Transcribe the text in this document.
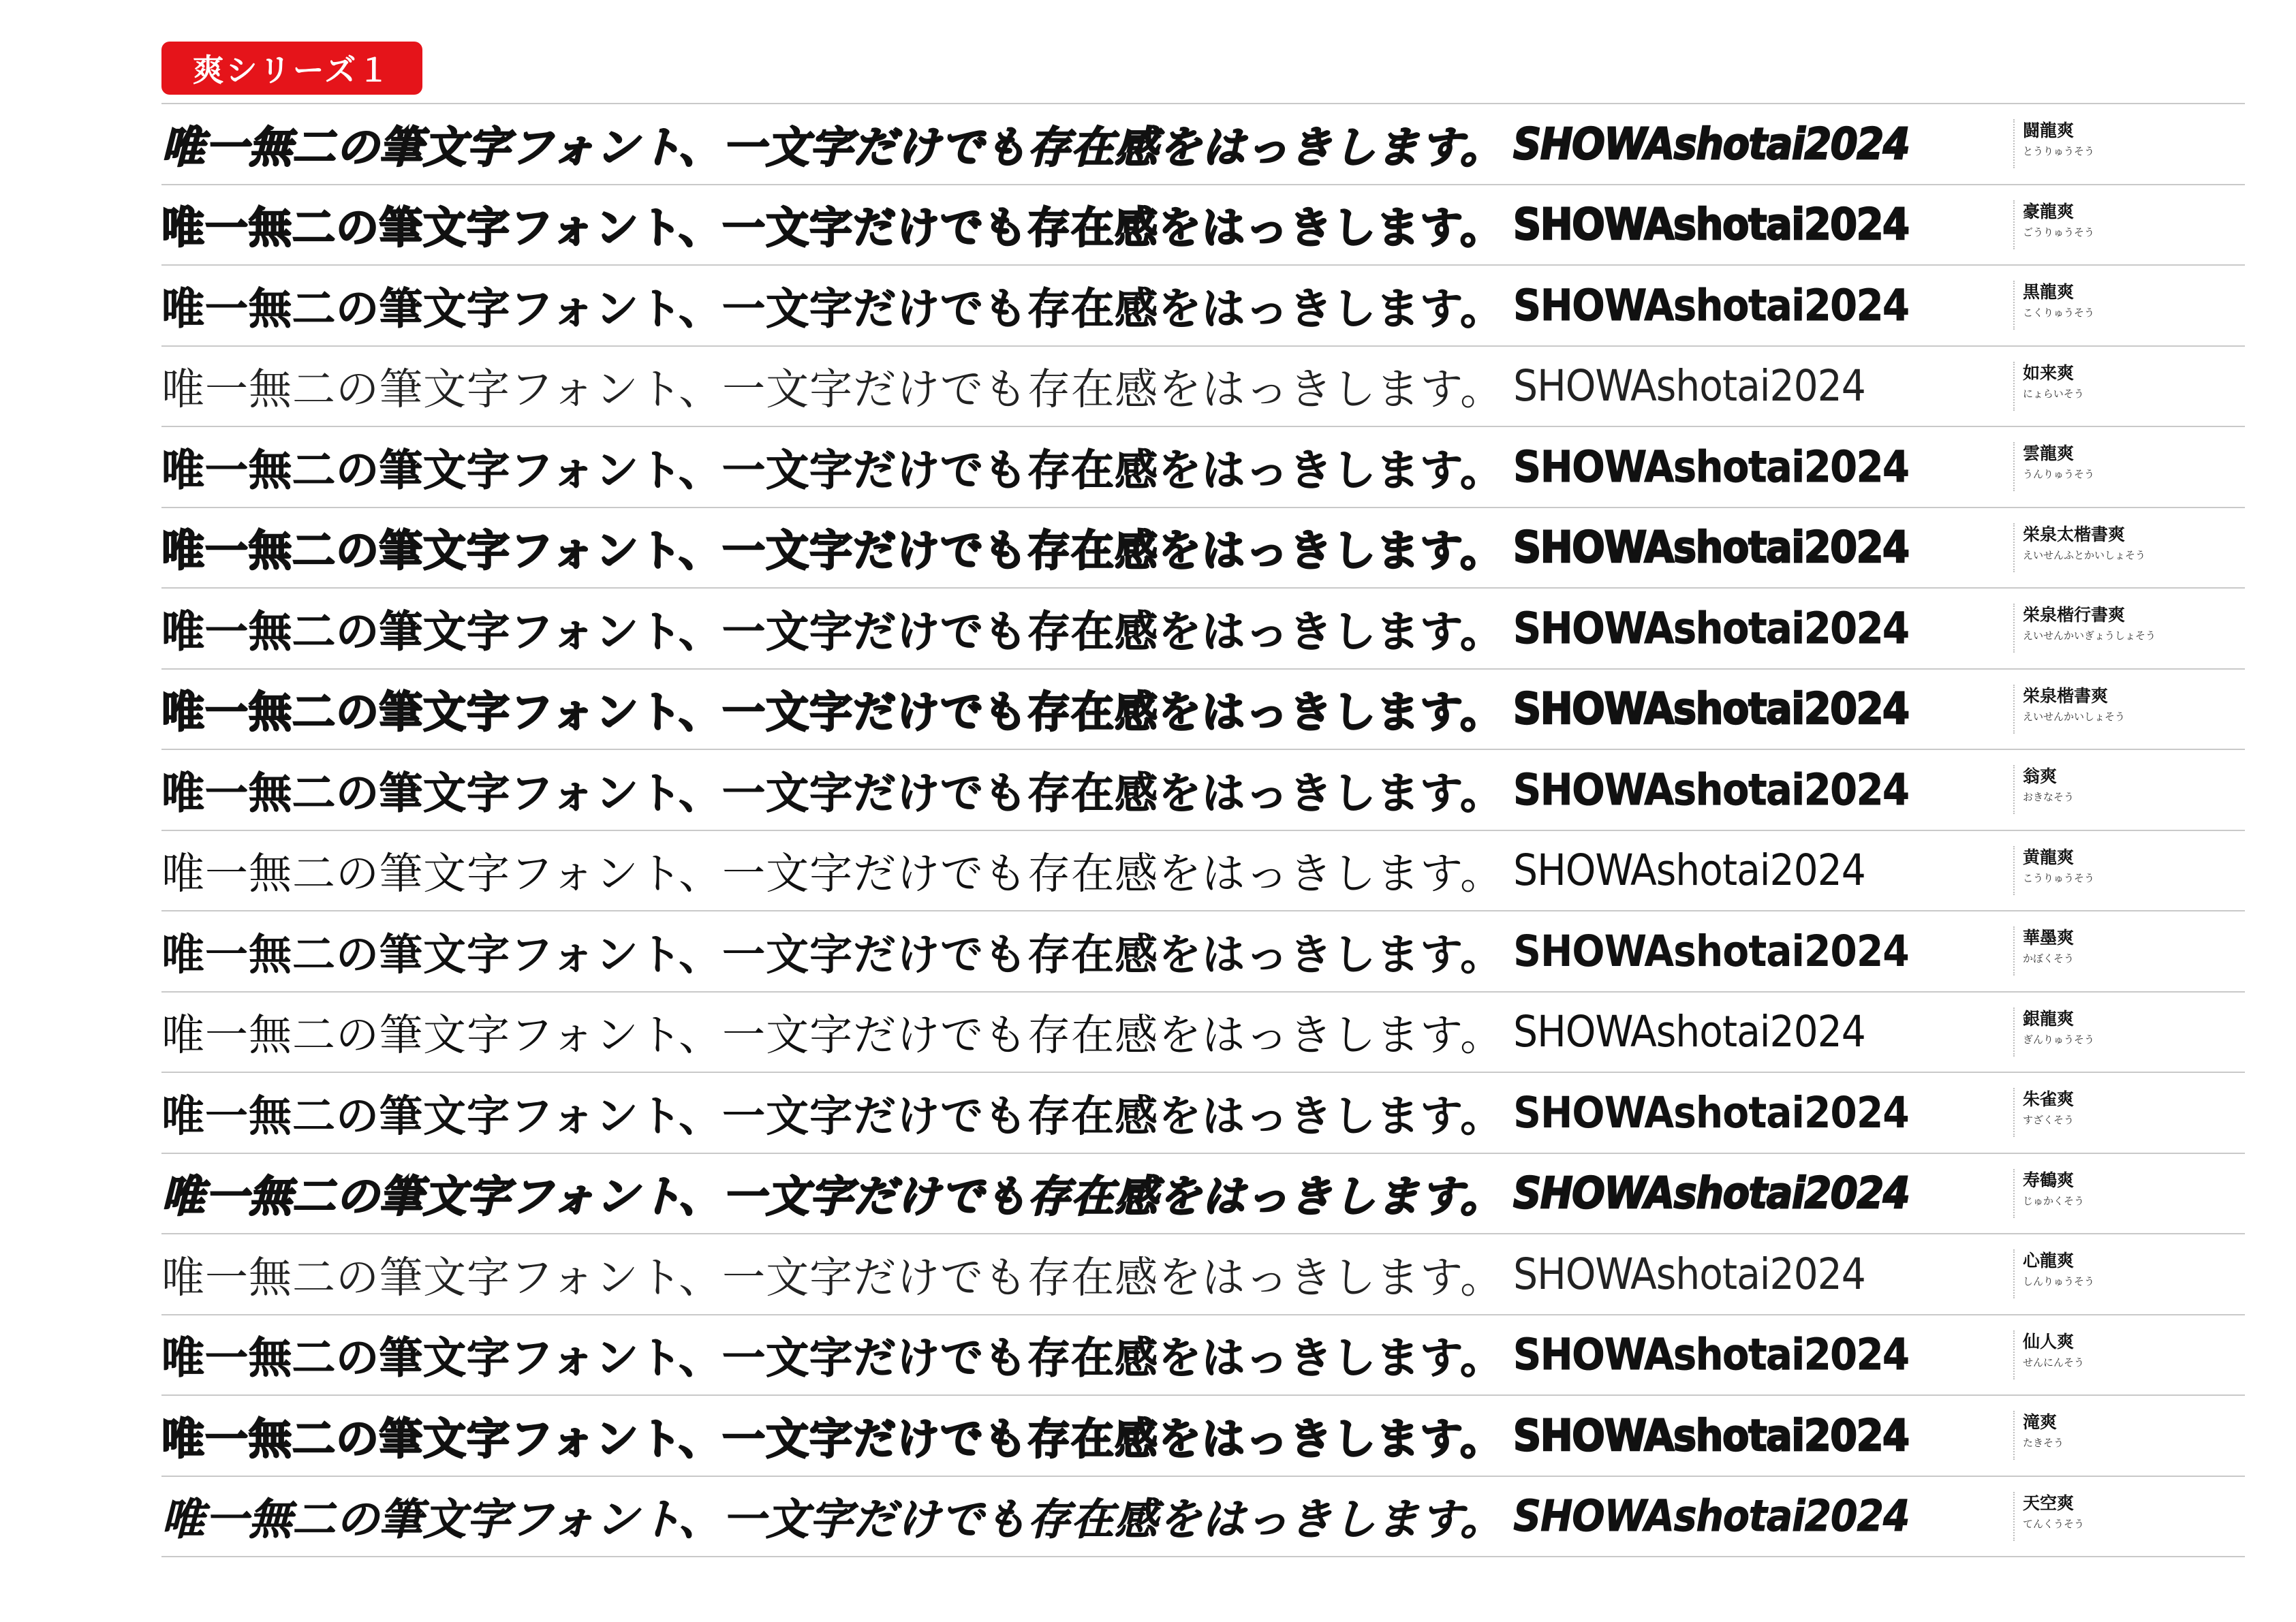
爽シリーズ１
唯一無二の筆文字フォント、一文字だけでも存在感をはっきします。 SHOWAshotai2024	闘龍爽
とうりゅうそう
唯一無二の筆文字フォント、一文字だけでも存在感をはっきします。 SHOWAshotai2024	豪龍爽
ごうりゅうそう
唯一無二の筆文字フォント、一文字だけでも存在感をはっきします。 SHOWAshotai2024	黒龍爽
こくりゅうそう
唯一無二の筆文字フォント、一文字だけでも存在感をはっきします。 SHOWAshotai2024	如来爽
にょらいそう
唯一無二の筆文字フォント、一文字だけでも存在感をはっきします。 SHOWAshotai2024	雲龍爽
うんりゅうそう
唯一無二の筆文字フォント、一文字だけでも存在感をはっきします。 SHOWAshotai2024	栄泉太楷書爽
えいせんふとかいしょそう
唯一無二の筆文字フォント、一文字だけでも存在感をはっきします。 SHOWAshotai2024	栄泉楷行書爽
えいせんかいぎょうしょそう
唯一無二の筆文字フォント、一文字だけでも存在感をはっきします。 SHOWAshotai2024	栄泉楷書爽
えいせんかいしょそう
唯一無二の筆文字フォント、一文字だけでも存在感をはっきします。 SHOWAshotai2024	翁爽
おきなそう
唯一無二の筆文字フォント、一文字だけでも存在感をはっきします。 SHOWAshotai2024	黄龍爽
こうりゅうそう
唯一無二の筆文字フォント、一文字だけでも存在感をはっきします。 SHOWAshotai2024	華墨爽
かぼくそう
唯一無二の筆文字フォント、一文字だけでも存在感をはっきします。 SHOWAshotai2024	銀龍爽
ぎんりゅうそう
唯一無二の筆文字フォント、一文字だけでも存在感をはっきします。 SHOWAshotai2024	朱雀爽
すざくそう
唯一無二の筆文字フォント、一文字だけでも存在感をはっきします。 SHOWAshotai2024	寿鶴爽
じゅかくそう
唯一無二の筆文字フォント、一文字だけでも存在感をはっきします。 SHOWAshotai2024	心龍爽
しんりゅうそう
唯一無二の筆文字フォント、一文字だけでも存在感をはっきします。 SHOWAshotai2024	仙人爽
せんにんそう
唯一無二の筆文字フォント、一文字だけでも存在感をはっきします。 SHOWAshotai2024	滝爽
たきそう
唯一無二の筆文字フォント、一文字だけでも存在感をはっきします。 SHOWAshotai2024	天空爽
てんくうそう
